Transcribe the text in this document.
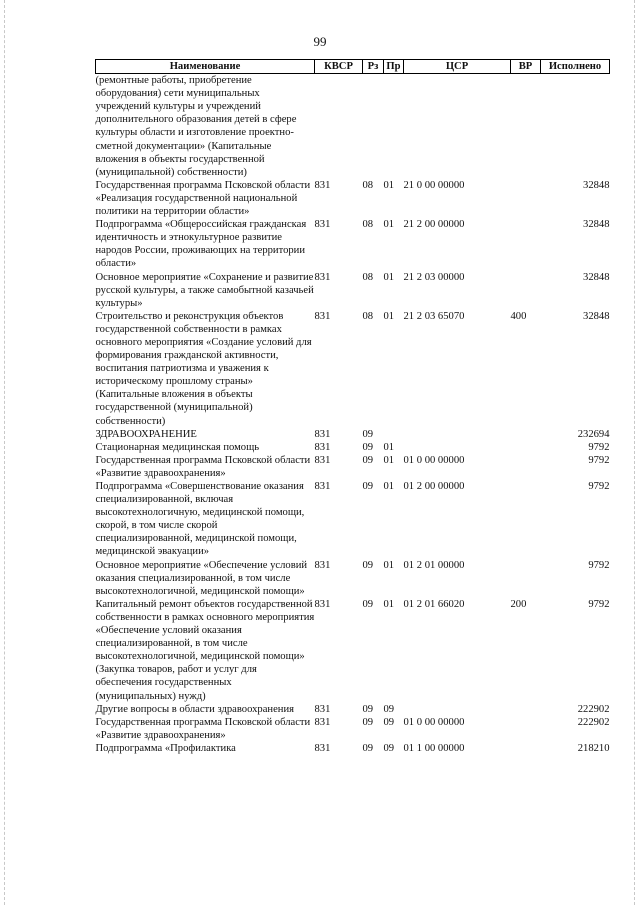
99
Наименование	КВСР	Рз	Пр	ЦСР	ВР	Исполнено
(ремонтные работы, приобретение оборудования) сети муниципальных учреждений культуры и учреждений дополнительного образования детей в сфере культуры области и изготовление проектно-сметной документации» (Капитальные вложения в объекты государственной (муниципальной) собственности)						
Государственная программа Псковской области «Реализация государственной национальной политики на территории области»	831	08	01	21 0 00 00000		32848
Подпрограмма «Общероссийская гражданская идентичность и этнокультурное развитие народов России, проживающих на территории области»	831	08	01	21 2 00 00000		32848
Основное мероприятие «Сохранение и развитие русской культуры, а также самобытной казачьей культуры»	831	08	01	21 2 03 00000		32848
Строительство и реконструкция объектов государственной собственности в рамках основного мероприятия «Создание условий для формирования гражданской активности, воспитания патриотизма и уважения к историческому прошлому страны» (Капитальные вложения в объекты государственной (муниципальной) собственности)	831	08	01	21 2 03 65070	400	32848
ЗДРАВООХРАНЕНИЕ	831	09				232694
Стационарная медицинская помощь	831	09	01			9792
Государственная программа Псковской области «Развитие здравоохранения»	831	09	01	01 0 00 00000		9792
Подпрограмма «Совершенствование оказания специализированной, включая высокотехнологичную, медицинской помощи, скорой, в том числе скорой специализированной, медицинской помощи, медицинской эвакуации»	831	09	01	01 2 00 00000		9792
Основное мероприятие «Обеспечение условий оказания специализированной, в том числе высокотехнологичной, медицинской помощи»	831	09	01	01 2 01 00000		9792
Капитальный ремонт объектов государственной собственности в рамках основного мероприятия «Обеспечение условий оказания специализированной, в том числе высокотехнологичной, медицинской помощи» (Закупка товаров, работ и услуг для обеспечения государственных (муниципальных) нужд)	831	09	01	01 2 01 66020	200	9792
Другие вопросы в области здравоохранения	831	09	09			222902
Государственная программа Псковской области «Развитие здравоохранения»	831	09	09	01 0 00 00000		222902
Подпрограмма «Профилактика	831	09	09	01 1 00 00000		218210
